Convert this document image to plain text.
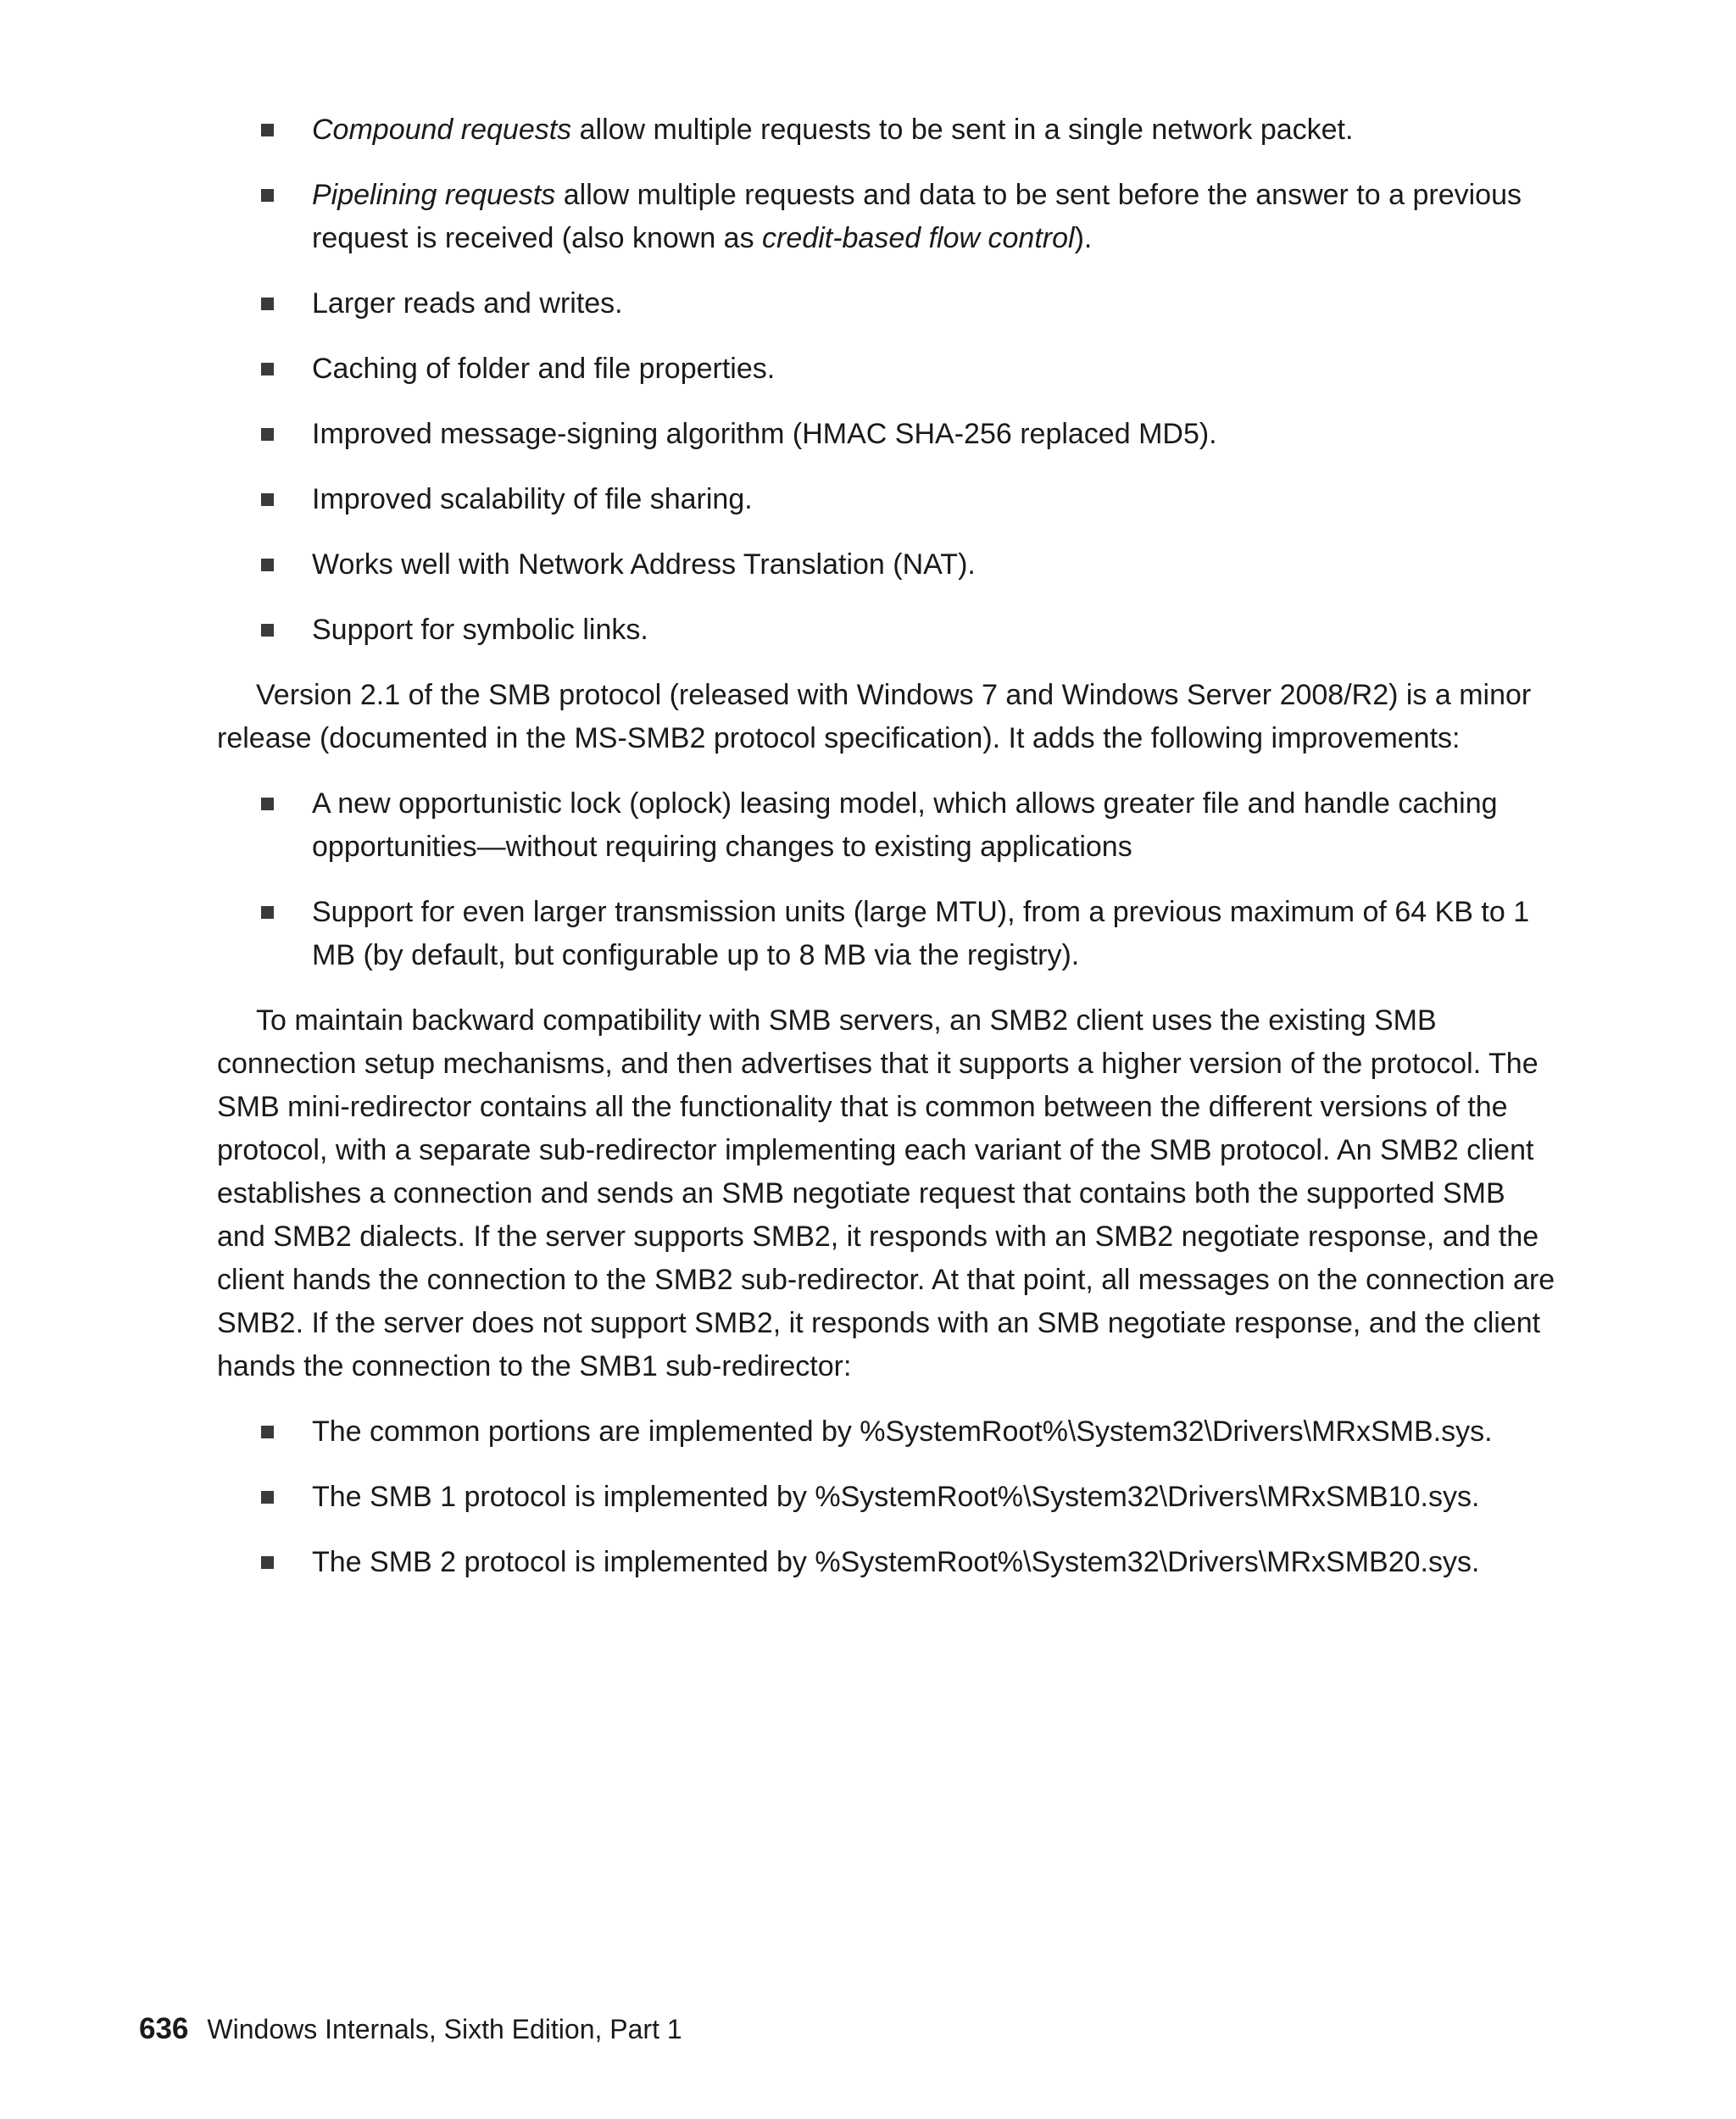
Compound requests allow multiple requests to be sent in a single network packet.
Pipelining requests allow multiple requests and data to be sent before the answer to a previous request is received (also known as credit-based flow control).
Larger reads and writes.
Caching of folder and file properties.
Improved message-signing algorithm (HMAC SHA-256 replaced MD5).
Improved scalability of file sharing.
Works well with Network Address Translation (NAT).
Support for symbolic links.

Version 2.1 of the SMB protocol (released with Windows 7 and Windows Server 2008/R2) is a minor release (documented in the MS-SMB2 protocol specification). It adds the following improvements:

A new opportunistic lock (oplock) leasing model, which allows greater file and handle caching opportunities—without requiring changes to existing applications
Support for even larger transmission units (large MTU), from a previous maximum of 64 KB to 1 MB (by default, but configurable up to 8 MB via the registry).

To maintain backward compatibility with SMB servers, an SMB2 client uses the existing SMB connection setup mechanisms, and then advertises that it supports a higher version of the protocol. The SMB mini-redirector contains all the functionality that is common between the different versions of the protocol, with a separate sub-redirector implementing each variant of the SMB protocol. An SMB2 client establishes a connection and sends an SMB negotiate request that contains both the supported SMB and SMB2 dialects. If the server supports SMB2, it responds with an SMB2 negotiate response, and the client hands the connection to the SMB2 sub-redirector. At that point, all messages on the connection are SMB2. If the server does not support SMB2, it responds with an SMB negotiate response, and the client hands the connection to the SMB1 sub-redirector:

The common portions are implemented by %SystemRoot%\System32\Drivers\MRxSMB.sys.
The SMB 1 protocol is implemented by %SystemRoot%\System32\Drivers\MRxSMB10.sys.
The SMB 2 protocol is implemented by %SystemRoot%\System32\Drivers\MRxSMB20.sys.
636 Windows Internals, Sixth Edition, Part 1
